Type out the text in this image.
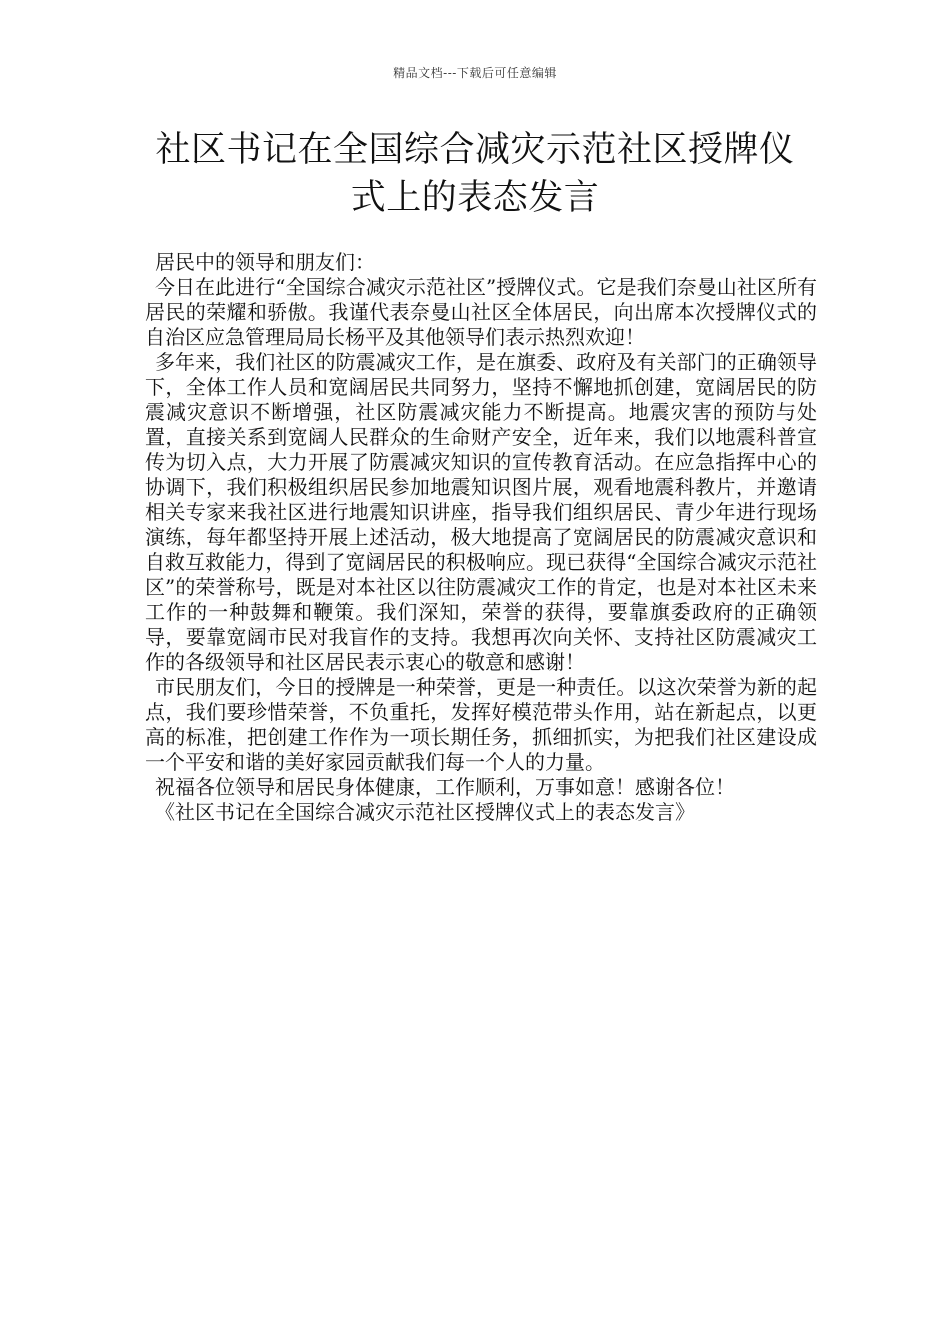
精品文档---下载后可任意编辑
社区书记在全国综合减灾示范社区授牌仪式上的表态发言

居民中的领导和朋友们：

今日在此进行“全国综合减灾示范社区”授牌仪式。它是我们奈曼山社区所有居民的荣耀和骄傲。我谨代表奈曼山社区全体居民，向出席本次授牌仪式的自治区应急管理局局长杨平及其他领导们表示热烈欢迎！

多年来，我们社区的防震减灾工作，是在旗委、政府及有关部门的正确领导下，全体工作人员和宽阔居民共同努力，坚持不懈地抓创建，宽阔居民的防震减灾意识不断增强，社区防震减灾能力不断提高。地震灾害的预防与处置，直接关系到宽阔人民群众的生命财产安全，近年来，我们以地震科普宣传为切入点，大力开展了防震减灾知识的宣传教育活动。在应急指挥中心的协调下，我们积极组织居民参加地震知识图片展，观看地震科教片，并邀请相关专家来我社区进行地震知识讲座，指导我们组织居民、青少年进行现场演练，每年都坚持开展上述活动，极大地提高了宽阔居民的防震减灾意识和自救互救能力，得到了宽阔居民的积极响应。现已获得“全国综合减灾示范社区”的荣誉称号，既是对本社区以往防震减灾工作的肯定，也是对本社区未来工作的一种鼓舞和鞭策。我们深知，荣誉的获得，要靠旗委政府的正确领导，要靠宽阔市民对我盲作的支持。我想再次向关怀、支持社区防震减灾工作的各级领导和社区居民表示衷心的敬意和感谢！

市民朋友们，今日的授牌是一种荣誉，更是一种责任。以这次荣誉为新的起点，我们要珍惜荣誉，不负重托，发挥好模范带头作用，站在新起点，以更高的标准，把创建工作作为一项长期任务，抓细抓实，为把我们社区建设成一个平安和谐的美好家园贡献我们每一个人的力量。

祝福各位领导和居民身体健康，工作顺利，万事如意！感谢各位！

《社区书记在全国综合减灾示范社区授牌仪式上的表态发言》
